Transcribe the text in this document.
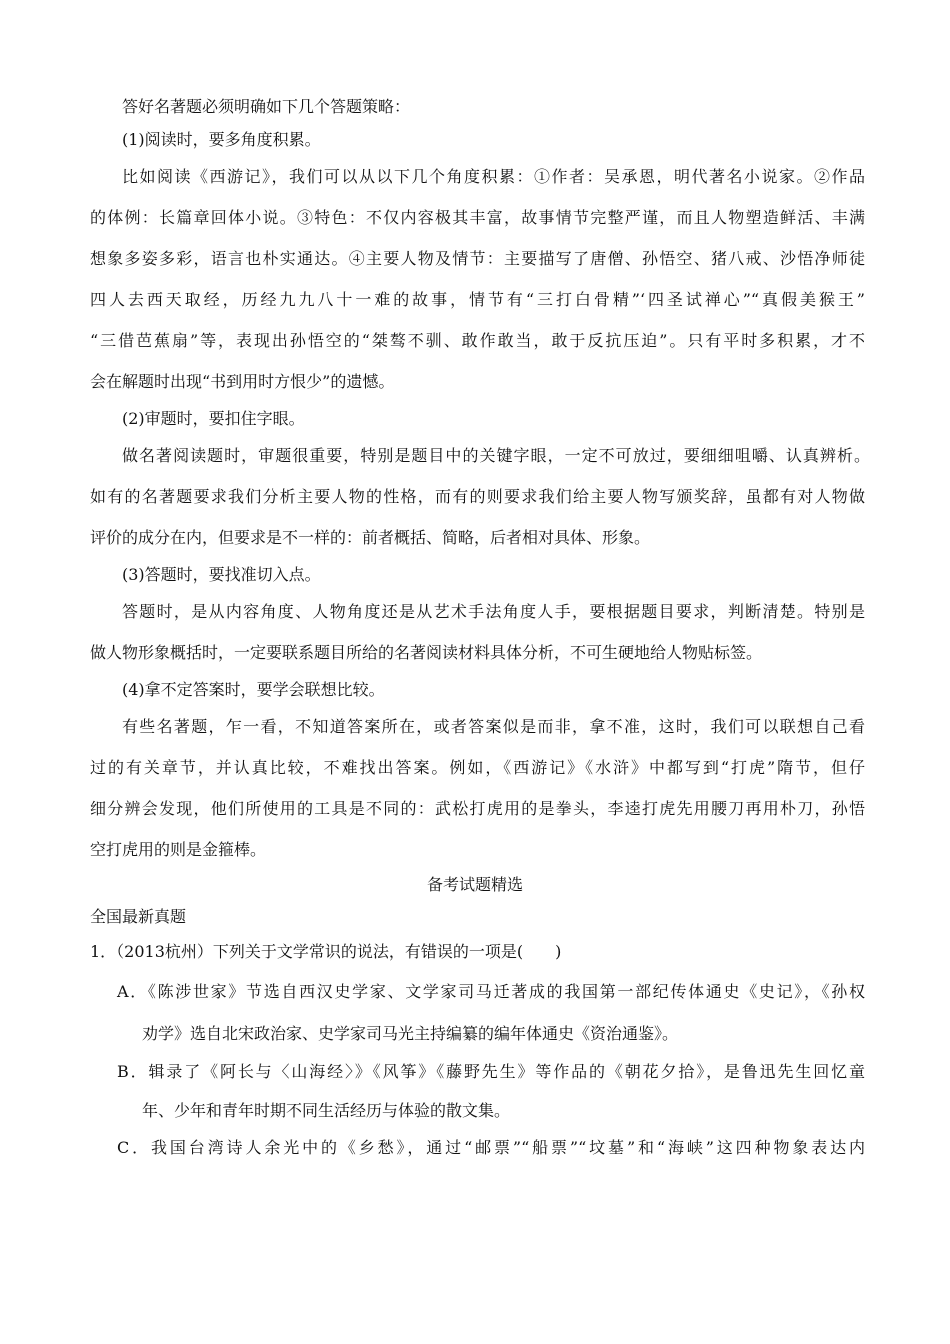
答好名著题必须明确如下几个答题策略：
(1)阅读时，要多角度积累。
比如阅读《西游记》，我们可以从以下几个角度积累：①作者：吴承恩，明代著名小说家。②作品
的体例：长篇章回体小说。③特色：不仅内容极其丰富，故事情节完整严谨，而且人物塑造鲜活、丰满
想象多姿多彩，语言也朴实通达。④主要人物及情节：主要描写了唐僧、孙悟空、猪八戒、沙悟净师徒
四人去西天取经，历经九九八十一难的故事，情节有“三打白骨精”‘四圣试禅心”“真假美猴王”
“三借芭蕉扇”等，表现出孙悟空的“桀骜不驯、敢作敢当，敢于反抗压迫”。只有平时多积累，才不
会在解题时出现“书到用时方恨少”的遗憾。
(2)审题时，要扣住字眼。
做名著阅读题时，审题很重要，特别是题目中的关键字眼，一定不可放过，要细细咀嚼、认真辨析。
如有的名著题要求我们分析主要人物的性格，而有的则要求我们给主要人物写颁奖辞，虽都有对人物做
评价的成分在内，但要求是不一样的：前者概括、简略，后者相对具体、形象。
(3)答题时，要找准切入点。
答题时，是从内容角度、人物角度还是从艺术手法角度人手，要根据题目要求，判断清楚。特别是
做人物形象概括时，一定要联系题目所给的名著阅读材料具体分析，不可生硬地给人物贴标签。
(4)拿不定答案时，要学会联想比较。
有些名著题，乍一看，不知道答案所在，或者答案似是而非，拿不准，这时，我们可以联想自己看
过的有关章节，并认真比较，不难找出答案。例如，《西游记》《水浒》中都写到“打虎”隋节，但仔
细分辨会发现，他们所使用的工具是不同的：武松打虎用的是拳头，李逵打虎先用腰刀再用朴刀，孙悟
空打虎用的则是金箍棒。
备考试题精选
全国最新真题
1．（2013杭州）下列关于文学常识的说法，有错误的一项是(　　)
A．《陈涉世家》节选自西汉史学家、文学家司马迁著成的我国第一部纪传体通史《史记》，《孙权
劝学》选自北宋政治家、史学家司马光主持编纂的编年体通史《资治通鉴》。
B．辑录了《阿长与〈山海经〉》《风筝》《藤野先生》等作品的《朝花夕拾》，是鲁迅先生回忆童
年、少年和青年时期不同生活经历与体验的散文集。
C．我国台湾诗人余光中的《乡愁》，通过“邮票”“船票”“坟墓”和“海峡”这四种物象表达内
